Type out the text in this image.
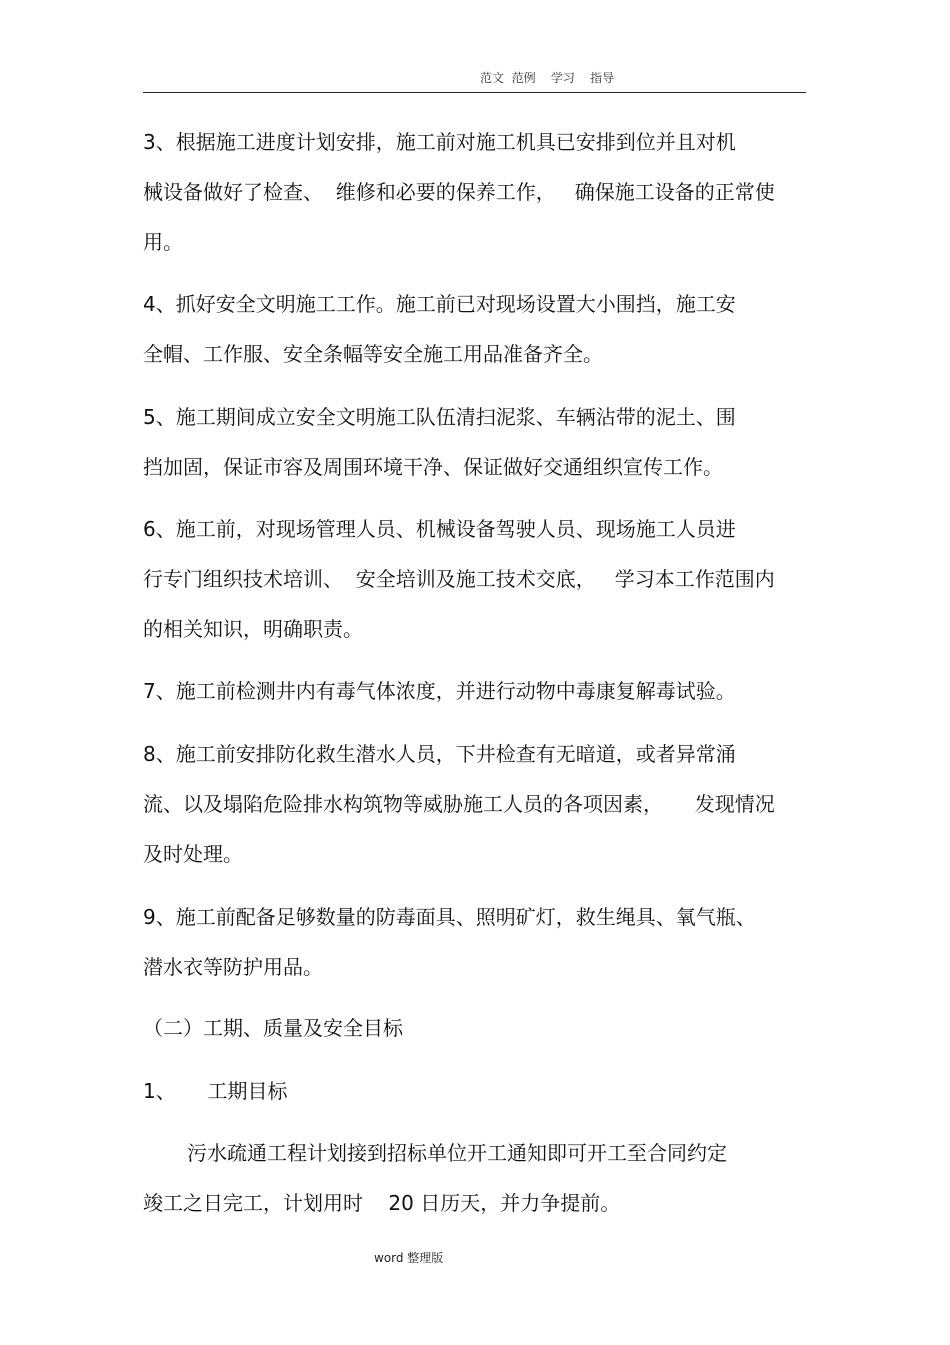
范文  范例    学习    指导
3、根据施工进度计划安排，施工前对施工机具已安排到位并且对机
械设备做好了检查、  维修和必要的保养工作，   确保施工设备的正常使
用。
4、抓好安全文明施工工作。施工前已对现场设置大小围挡，施工安
全帽、工作服、安全条幅等安全施工用品准备齐全。
5、施工期间成立安全文明施工队伍清扫泥浆、车辆沾带的泥土、围
挡加固，保证市容及周围环境干净、保证做好交通组织宣传工作。
6、施工前，对现场管理人员、机械设备驾驶人员、现场施工人员进
行专门组织技术培训、  安全培训及施工技术交底，   学习本工作范围内
的相关知识，明确职责。
7、施工前检测井内有毒气体浓度，并进行动物中毒康复解毒试验。
8、施工前安排防化救生潜水人员，下井检查有无暗道，或者异常涌
流、以及塌陷危险排水构筑物等威胁施工人员的各项因素，     发现情况
及时处理。
9、施工前配备足够数量的防毒面具、照明矿灯，救生绳具、氧气瓶、
潜水衣等防护用品。
（二）工期、质量及安全目标
1、     工期目标
污水疏通工程计划接到招标单位开工通知即可开工至合同约定
竣工之日完工，计划用时    20 日历天，并力争提前。
word 整理版
